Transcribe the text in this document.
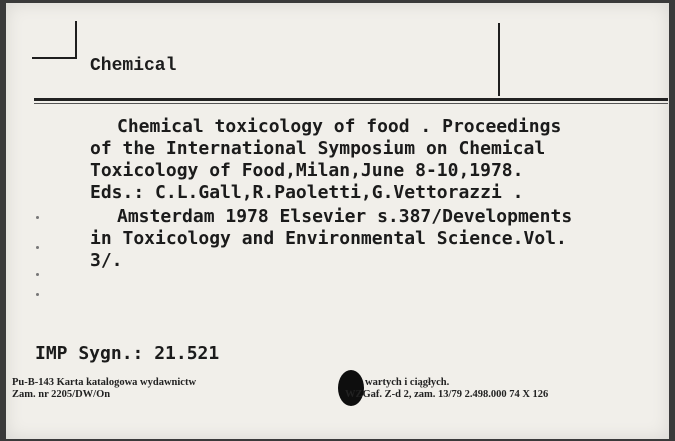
Chemical
Chemical toxicology of food . Proceedings
of the International Symposium on Chemical
Toxicology of Food,Milan,June 8-10,1978.
Eds.: C.L.Gall,R.Paoletti,G.Vettorazzi .
Amsterdam 1978 Elsevier s.387/Developments
in Toxicology and Environmental Science.Vol.
3/.
IMP Sygn.: 21.521
Pu-B-143 Karta katalogowa wydawnictw	wartych i ciągłych.
Zam. nr 2205/DW/On	WZGaf. Z-d 2, zam. 13/79 2.498.000 74 X 126
